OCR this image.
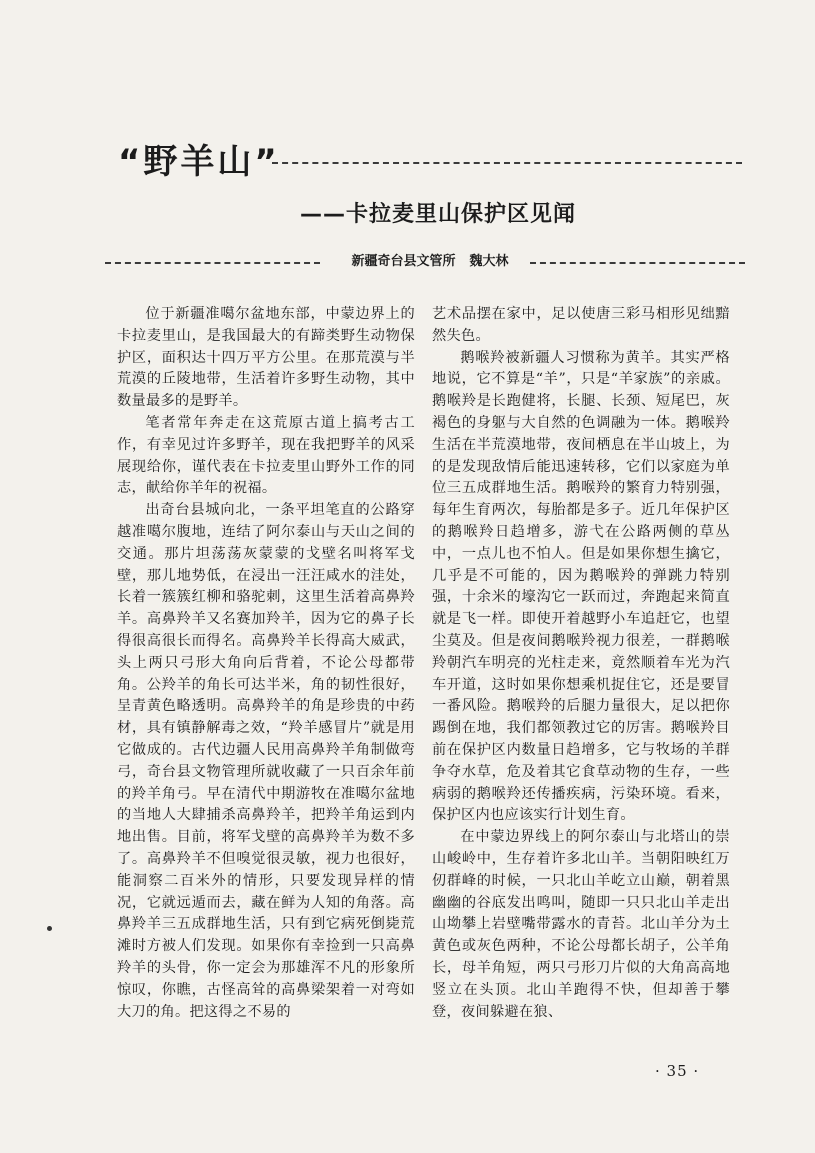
“野羊山”
——卡拉麦里山保护区见闻
新疆奇台县文管所 魏大林

位于新疆准噶尔盆地东部，中蒙边界上的卡拉麦里山，是我国最大的有蹄类野生动物保护区，面积达十四万平方公里。在那荒漠与半荒漠的丘陵地带，生活着许多野生动物，其中数量最多的是野羊。

笔者常年奔走在这荒原古道上搞考古工作，有幸见过许多野羊，现在我把野羊的风采展现给你，谨代表在卡拉麦里山野外工作的同志，献给你羊年的祝福。

出奇台县城向北，一条平坦笔直的公路穿越准噶尔腹地，连结了阿尔泰山与天山之间的交通。那片坦荡荡灰蒙蒙的戈壁名叫将军戈壁，那儿地势低，在浸出一汪汪咸水的洼处，长着一簇簇红柳和骆驼刺，这里生活着高鼻羚羊。高鼻羚羊又名赛加羚羊，因为它的鼻子长得很高很长而得名。高鼻羚羊长得高大威武，头上两只弓形大角向后背着，不论公母都带角。公羚羊的角长可达半米，角的韧性很好，呈青黄色略透明。高鼻羚羊的角是珍贵的中药材，具有镇静解毒之效，“羚羊感冒片”就是用它做成的。古代边疆人民用高鼻羚羊角制做弯弓，奇台县文物管理所就收藏了一只百余年前的羚羊角弓。早在清代中期游牧在准噶尔盆地的当地人大肆捕杀高鼻羚羊，把羚羊角运到内地出售。目前，将军戈壁的高鼻羚羊为数不多了。高鼻羚羊不但嗅觉很灵敏，视力也很好，能洞察二百米外的情形，只要发现异样的情况，它就远遁而去，藏在鲜为人知的角落。高鼻羚羊三五成群地生活，只有到它病死倒毙荒滩时方被人们发现。如果你有幸捡到一只高鼻羚羊的头骨，你一定会为那雄浑不凡的形象所惊叹，你瞧，古怪高耸的高鼻梁架着一对弯如大刀的角。把这得之不易的

艺术品摆在家中，足以使唐三彩马相形见绌黯然失色。

鹅喉羚被新疆人习惯称为黄羊。其实严格地说，它不算是“羊”，只是“羊家族”的亲戚。鹅喉羚是长跑健将，长腿、长颈、短尾巴，灰褐色的身躯与大自然的色调融为一体。鹅喉羚生活在半荒漠地带，夜间栖息在半山坡上，为的是发现敌情后能迅速转移，它们以家庭为单位三五成群地生活。鹅喉羚的繁育力特别强，每年生育两次，每胎都是多子。近几年保护区的鹅喉羚日趋增多，游弋在公路两侧的草丛中，一点儿也不怕人。但是如果你想生擒它，几乎是不可能的，因为鹅喉羚的弹跳力特别强，十余米的壕沟它一跃而过，奔跑起来简直就是飞一样。即使开着越野小车追赶它，也望尘莫及。但是夜间鹅喉羚视力很差，一群鹅喉羚朝汽车明亮的光柱走来，竟然顺着车光为汽车开道，这时如果你想乘机捉住它，还是要冒一番风险。鹅喉羚的后腿力量很大，足以把你踢倒在地，我们都领教过它的厉害。鹅喉羚目前在保护区内数量日趋增多，它与牧场的羊群争夺水草，危及着其它食草动物的生存，一些病弱的鹅喉羚还传播疾病，污染环境。看来，保护区内也应该实行计划生育。

在中蒙边界线上的阿尔泰山与北塔山的崇山峻岭中，生存着许多北山羊。当朝阳映红万仞群峰的时候，一只北山羊屹立山巅，朝着黑幽幽的谷底发出鸣叫，随即一只只北山羊走出山坳攀上岩壁嘴带露水的青苔。北山羊分为土黄色或灰色两种，不论公母都长胡子，公羊角长，母羊角短，两只弓形刀片似的大角高高地竖立在头顶。北山羊跑得不快，但却善于攀登，夜间躲避在狼、

· 35 ·
